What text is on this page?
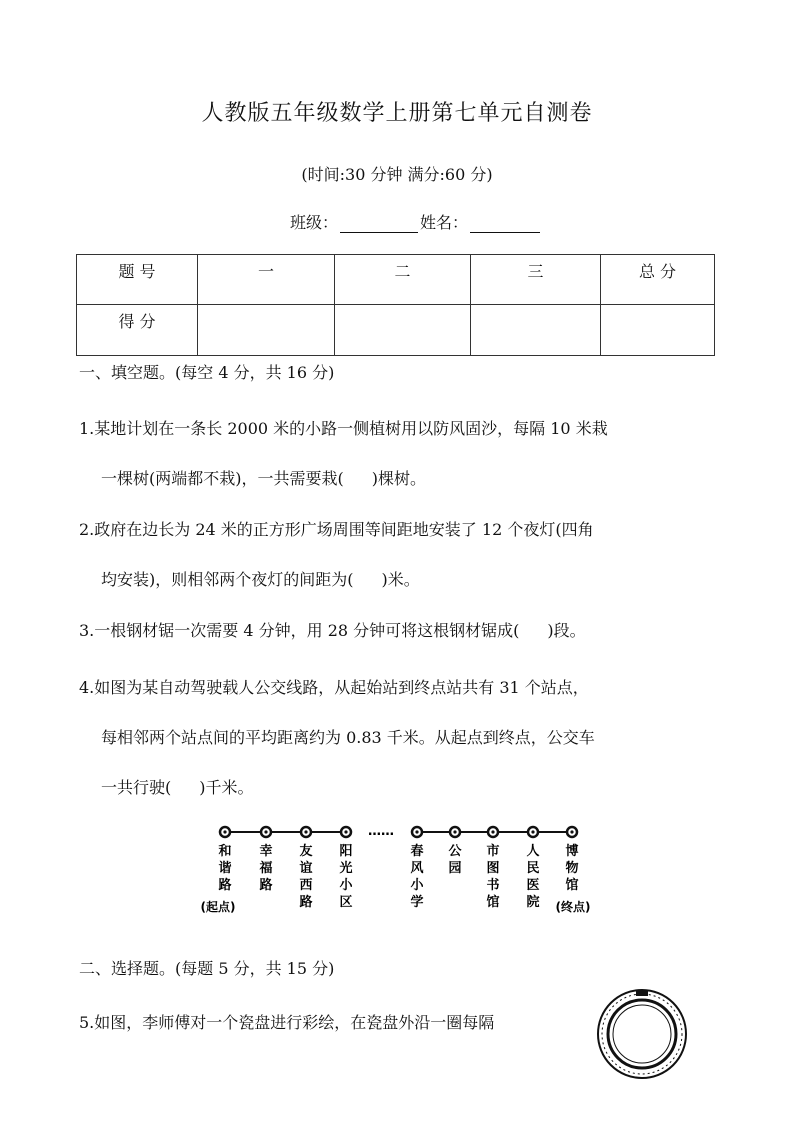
人教版五年级数学上册第七单元自测卷
(时间:30 分钟 满分:60 分)
班级：	姓名：
题 号	一	二	三	总 分
得 分				
一、填空题。(每空 4 分，共 16 分)
1.某地计划在一条长 2000 米的小路一侧植树用以防风固沙，每隔 10 米栽
一棵树(两端都不栽)，一共需要栽( )棵树。
2.政府在边长为 24 米的正方形广场周围等间距地安装了 12 个夜灯(四角
均安装)，则相邻两个夜灯的间距为( )米。
3.一根钢材锯一次需要 4 分钟，用 28 分钟可将这根钢材锯成( )段。
4.如图为某自动驾驶载人公交线路，从起始站到终点站共有 31 个站点，
每相邻两个站点间的平均距离约为 0.83 千米。从起点到终点，公交车
一共行驶( )千米。
……
和谐路
幸福路
友谊西路
阳光小区
春风小学
公园
市图书馆
人民医院
博物馆
(起点)	(终点)
二、选择题。(每题 5 分，共 15 分)
5.如图，李师傅对一个瓷盘进行彩绘，在瓷盘外沿一圈每隔
